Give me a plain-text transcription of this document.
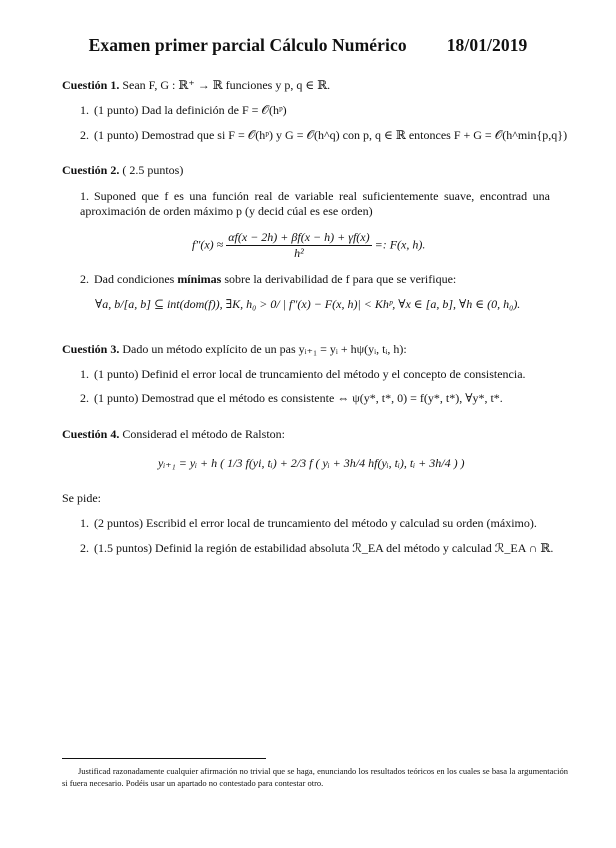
Examen primer parcial Cálculo Numérico 18/01/2019
Cuestión 1. Sean F, G : ℝ⁺ → ℝ funciones y p, q ∈ ℝ.
1. (1 punto) Dad la definición de F = 𝒪(hᵖ)
2. (1 punto) Demostrad que si F = 𝒪(hᵖ) y G = 𝒪(h^q) con p, q ∈ ℝ entonces F + G = 𝒪(h^min{p,q})
Cuestión 2. ( 2.5 puntos)
1. Suponed que f es una función real de variable real suficientemente suave, encontrad una aproximación de orden máximo p (y decid cúal es ese orden)
$f''(x) \approx \frac{\alpha f(x - 2h) + \beta f(x - h) + \gamma f(x)}{\text{h²}}$ =: F(x, h).
2. Dad condiciones mínimas sobre la derivabilidad de f para que se verifique:
∀a, b/[a, b] ⊆ int(dom(f)), ∃K, h₀ > 0/ | f″(x) − F(x, h)| < Khᵖ, ∀x ∈ [a, b], ∀h ∈ (0, h₀).
Cuestión 3. Dado un método explícito de un pas yᵢ₊₁ = yᵢ + hψ(yᵢ, tᵢ, h):
1. (1 punto) Definid el error local de truncamiento del método y el concepto de consistencia.
2. (1 punto) Demostrad que el método es consistente ⇔ ψ(y*, t*, 0) = f(y*, t*), ∀y*, t*.
Cuestión 4. Considerad el método de Ralston:
yᵢ₊₁ = yᵢ + h ( 1/3 f(yi, tᵢ) + 2/3 f ( yᵢ + 3h/4 hf(yᵢ, tᵢ), tᵢ + 3h/4 ) )
Se pide:
1. (2 puntos) Escribid el error local de truncamiento del método y calculad su orden (máximo).
2. (1.5 puntos) Definid la región de estabilidad absoluta ℛ_EA del método y calculad ℛ_EA ∩ ℝ.
Justificad razonadamente cualquier afirmación no trivial que se haga, enunciando los resultados teóricos en los cuales se basa la argumentación si fuera necesario. Podéis usar un apartado no contestado para contestar otro.
